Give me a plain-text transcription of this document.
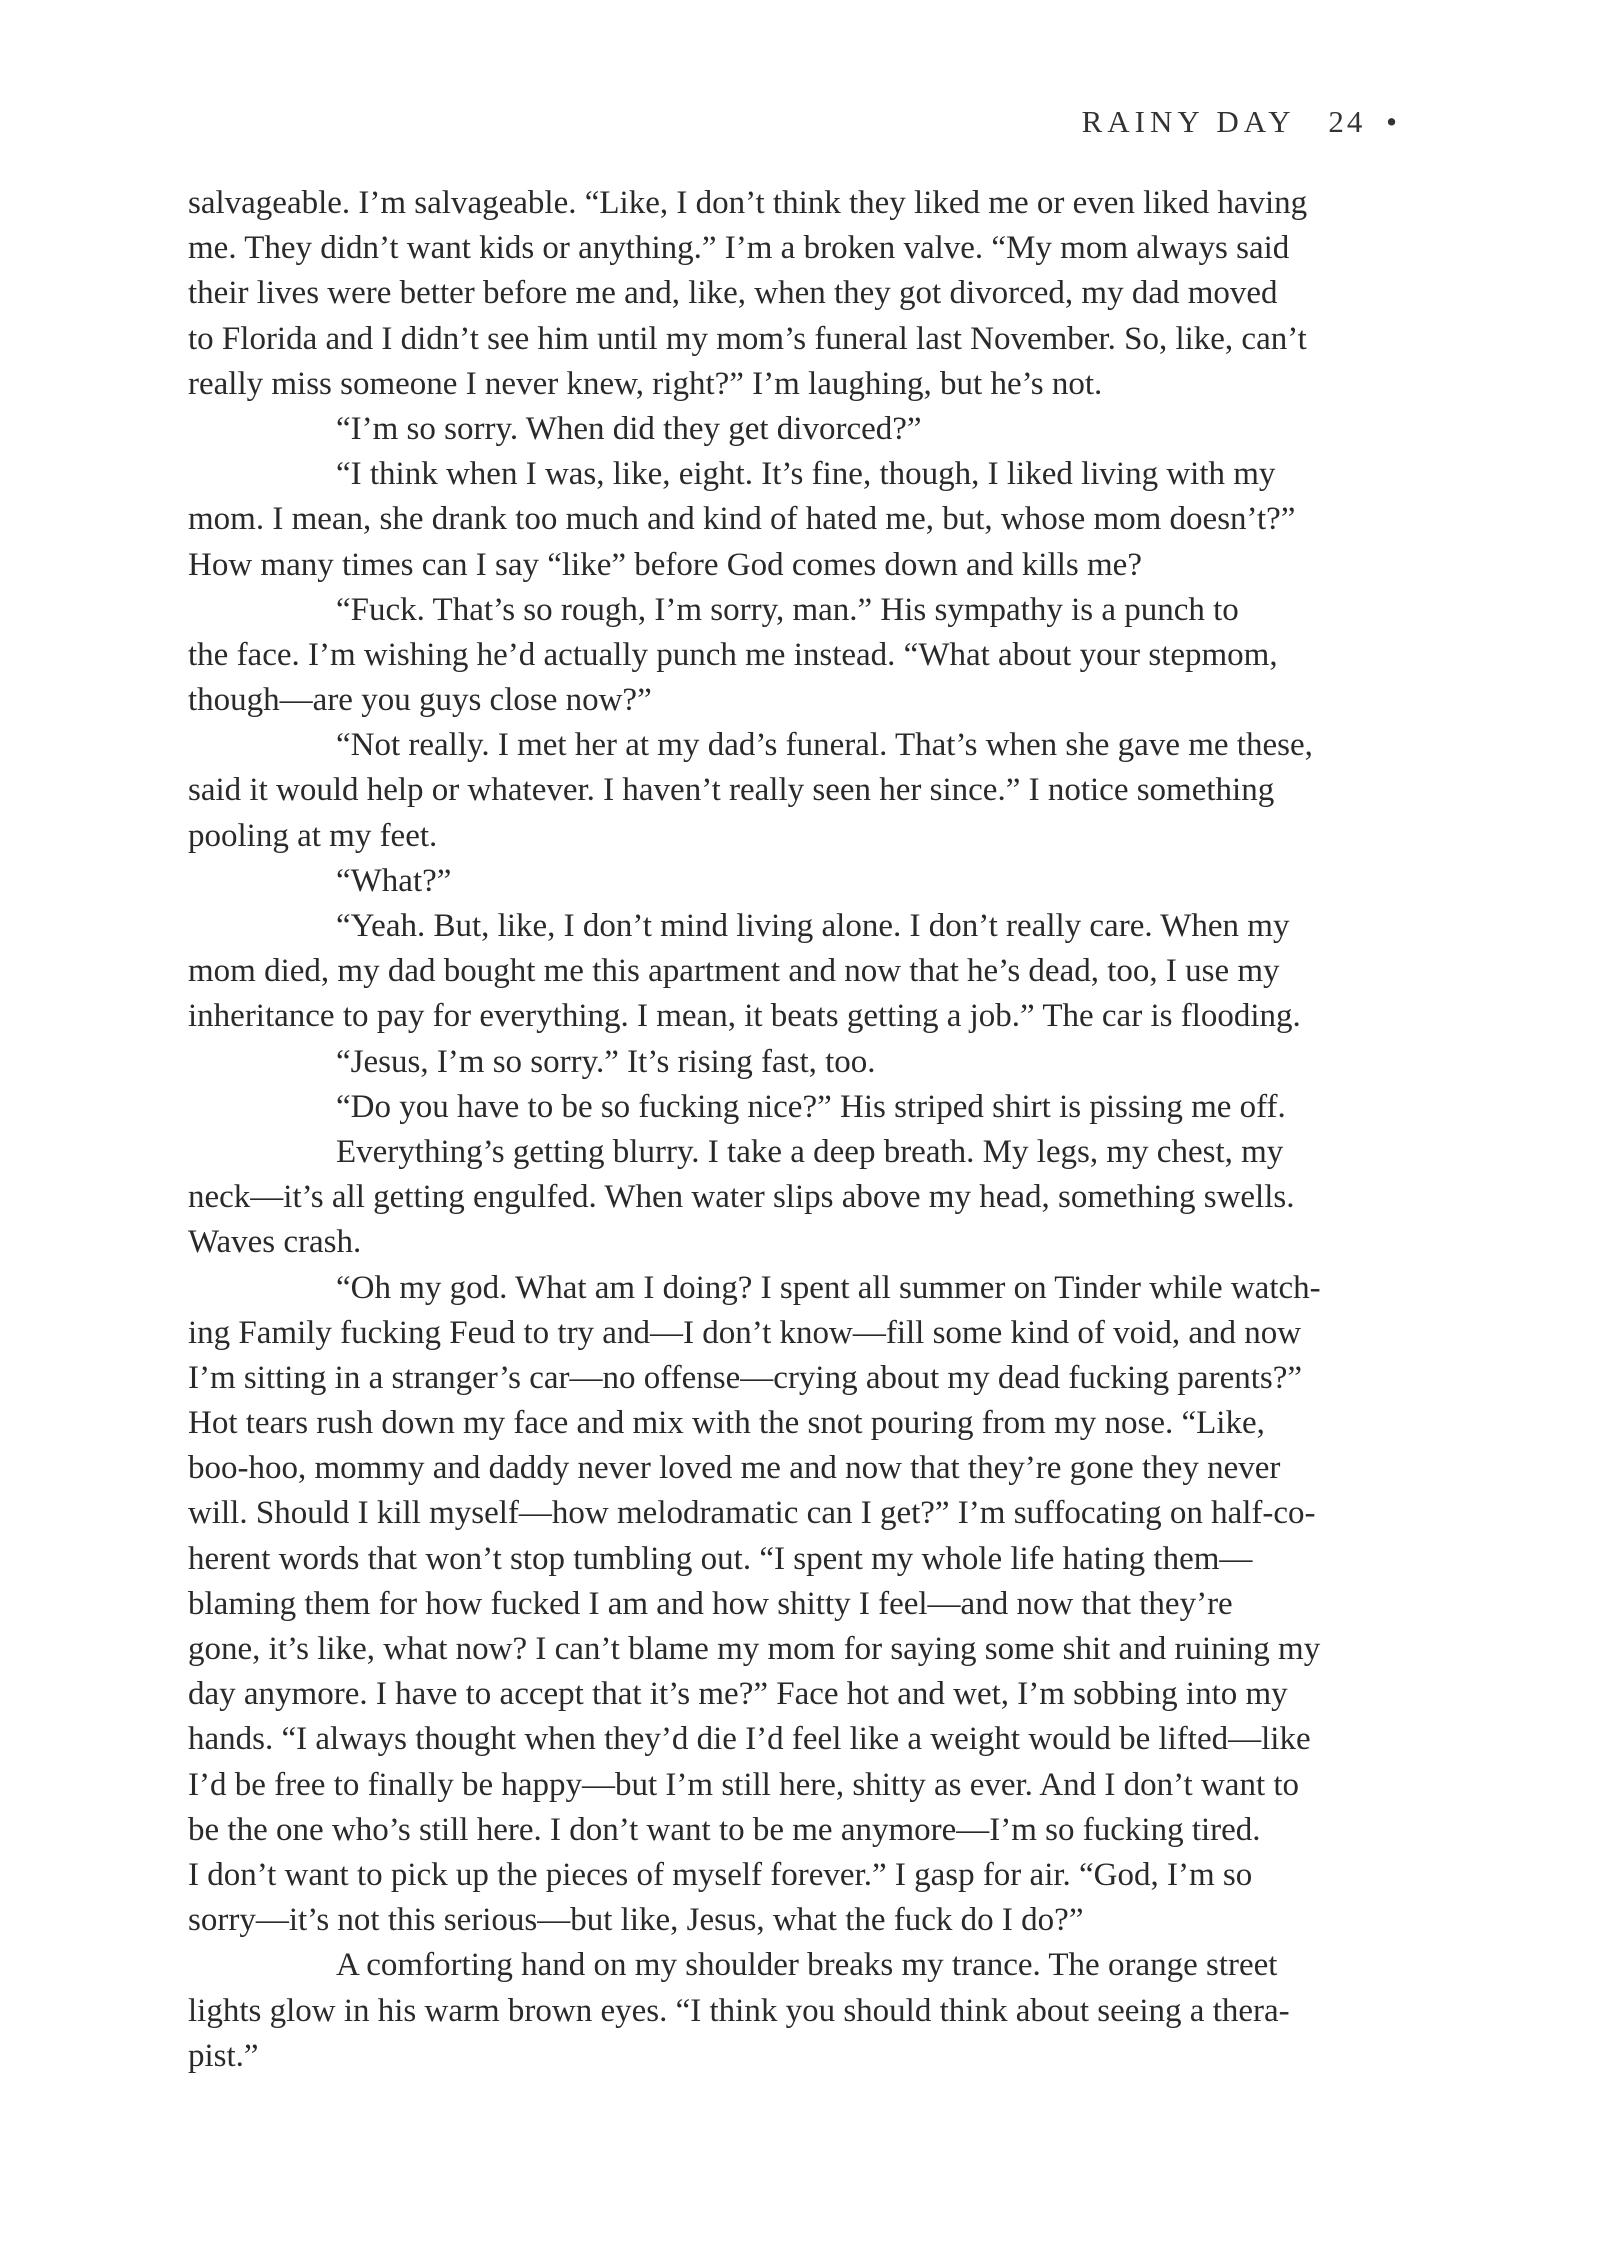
RAINY DAY 24 •
salvageable. I’m salvageable. “Like, I don’t think they liked me or even liked having
me. They didn’t want kids or anything.” I’m a broken valve. “My mom always said
their lives were better before me and, like, when they got divorced, my dad moved
to Florida and I didn’t see him until my mom’s funeral last November. So, like, can’t
really miss someone I never knew, right?” I’m laughing, but he’s not.
“I’m so sorry. When did they get divorced?”
“I think when I was, like, eight. It’s fine, though, I liked living with my
mom. I mean, she drank too much and kind of hated me, but, whose mom doesn’t?”
How many times can I say “like” before God comes down and kills me?
“Fuck. That’s so rough, I’m sorry, man.” His sympathy is a punch to
the face. I’m wishing he’d actually punch me instead. “What about your stepmom,
though—are you guys close now?”
“Not really. I met her at my dad’s funeral. That’s when she gave me these,
said it would help or whatever. I haven’t really seen her since.” I notice something
pooling at my feet.
“What?”
“Yeah. But, like, I don’t mind living alone. I don’t really care. When my
mom died, my dad bought me this apartment and now that he’s dead, too, I use my
inheritance to pay for everything. I mean, it beats getting a job.” The car is flooding.
“Jesus, I’m so sorry.” It’s rising fast, too.
“Do you have to be so fucking nice?” His striped shirt is pissing me off.
Everything’s getting blurry. I take a deep breath. My legs, my chest, my
neck—it’s all getting engulfed. When water slips above my head, something swells.
Waves crash.
“Oh my god. What am I doing? I spent all summer on Tinder while watch-
ing Family fucking Feud to try and—I don’t know—fill some kind of void, and now
I’m sitting in a stranger’s car—no offense—crying about my dead fucking parents?”
Hot tears rush down my face and mix with the snot pouring from my nose. “Like,
boo-hoo, mommy and daddy never loved me and now that they’re gone they never
will. Should I kill myself—how melodramatic can I get?” I’m suffocating on half-co-
herent words that won’t stop tumbling out. “I spent my whole life hating them—
blaming them for how fucked I am and how shitty I feel—and now that they’re
gone, it’s like, what now? I can’t blame my mom for saying some shit and ruining my
day anymore. I have to accept that it’s me?” Face hot and wet, I’m sobbing into my
hands. “I always thought when they’d die I’d feel like a weight would be lifted—like
I’d be free to finally be happy—but I’m still here, shitty as ever. And I don’t want to
be the one who’s still here. I don’t want to be me anymore—I’m so fucking tired.
I don’t want to pick up the pieces of myself forever.” I gasp for air. “God, I’m so
sorry—it’s not this serious—but like, Jesus, what the fuck do I do?”
A comforting hand on my shoulder breaks my trance. The orange street
lights glow in his warm brown eyes. “I think you should think about seeing a thera-
pist.”
